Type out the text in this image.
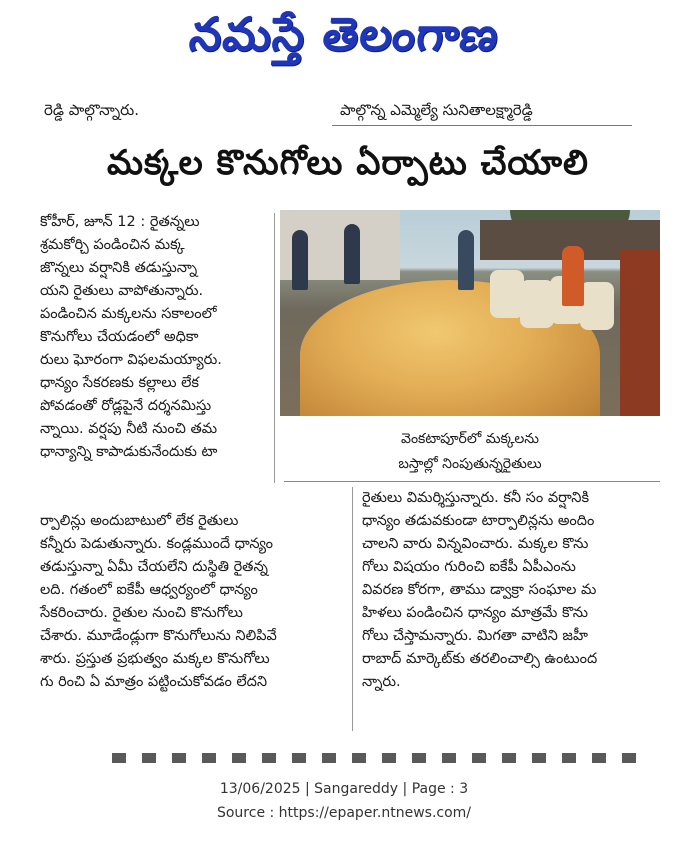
నమస్తే తెలంగాణ
రెడ్డి పాల్గొన్నారు.	పాల్గొన్న ఎమ్మెల్యే సునితాలక్ష్మారెడ్డి
మక్కల కొనుగోలు ఏర్పాటు చేయాలి
కోహీర్, జూన్ 12 : రైతన్నలు
శ్రమకోర్చి పండించిన మక్క
జొన్నలు వర్షానికి తడుస్తున్నా
యని రైతులు వాపోతున్నారు.
పండించిన మక్కలను సకాలంలో
కొనుగోలు చేయడంలో అధికా
రులు ఘోరంగా విఫలమయ్యారు.
ధాన్యం సేకరణకు కల్లాలు లేక
పోవడంతో రోడ్లపైనే దర్శనమిస్తు
న్నాయి. వర్షపు నీటి నుంచి తమ
ధాన్యాన్ని కాపాడుకునేందుకు టా
వెంకటాపూర్‌లో మక్కలను
బస్తాల్లో నింపుతున్నరైతులు
ర్పాలిన్లు అందుబాటులో లేక రైతులు
కన్నీరు పెడుతున్నారు. కండ్లముందే ధాన్యం
తడుస్తున్నా ఏమీ చేయలేని దుస్థితి రైతన్న
లది. గతంలో ఐకేపీ ఆధ్వర్యంలో ధాన్యం
సేకరించారు. రైతుల నుంచి కొనుగోలు
చేశారు. మూడేండ్లుగా కొనుగోలును నిలిపివే
శారు. ప్రస్తుత ప్రభుత్వం మక్కల కొనుగోలు
గు రించి ఏ మాత్రం పట్టించుకోవడం లేదని
రైతులు విమర్శిస్తున్నారు. కనీ సం వర్షానికి
ధాన్యం తడువకుండా టార్పాలిన్లను అందిం
చాలని వారు విన్నవించారు. మక్కల కొను
గోలు విషయం గురించి ఐకేపీ ఏపీఎంను
వివరణ కోరగా, తాము డ్వాక్రా సంఘాల మ
హిళలు పండించిన ధాన్యం మాత్రమే కొను
గోలు చేస్తామన్నారు. మిగతా వాటిని జహీ
రాబాద్ మార్కెట్‌కు తరలించాల్సి ఉంటుంద
న్నారు.
13/06/2025 | Sangareddy | Page : 3
Source : https://epaper.ntnews.com/
